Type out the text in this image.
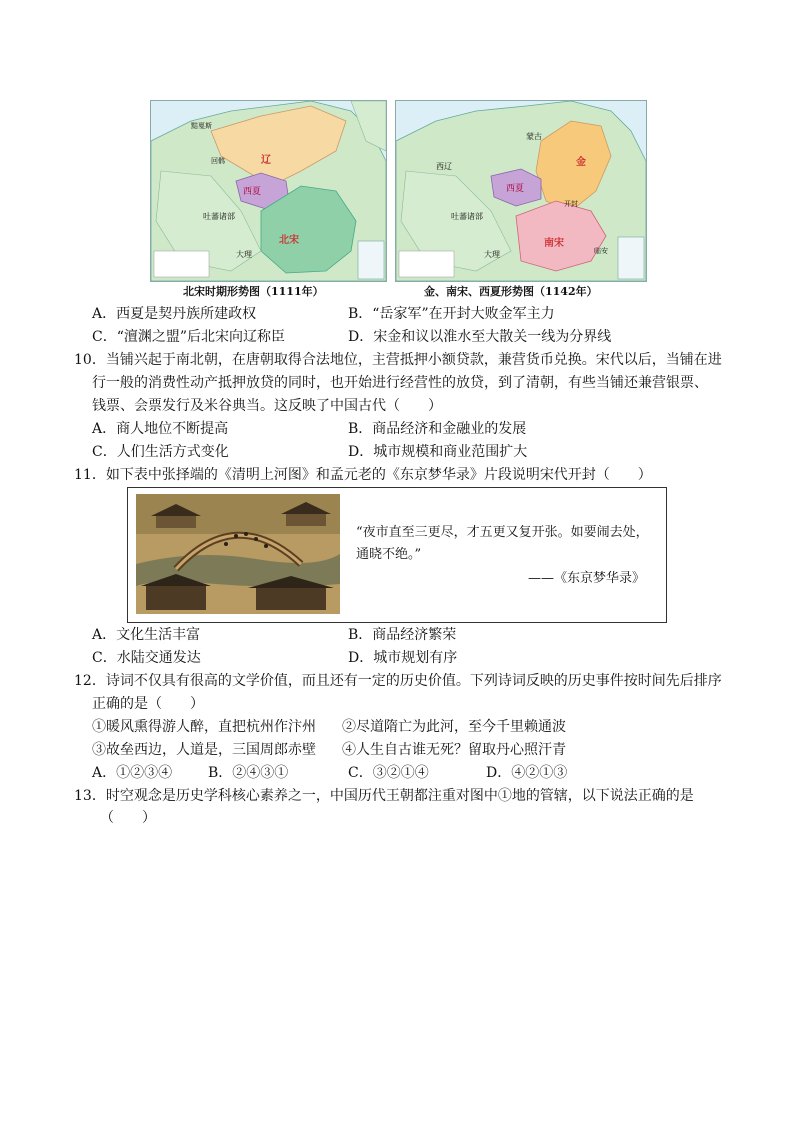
辽
西夏
北宋
吐蕃诸部
大理
黠戛斯
回鹘
北宋时期形势图（1111年）
金
西夏
南宋
西辽
吐蕃诸部
大理	临安
开封
蒙古
金、南宋、西夏形势图（1142年）
A．西夏是契丹族所建政权	B．“岳家军”在开封大败金军主力
C．“澶渊之盟”后北宋向辽称臣	D．宋金和议以淮水至大散关一线为分界线
10．当铺兴起于南北朝，在唐朝取得合法地位，主营抵押小额贷款，兼营货币兑换。宋代以后，当铺在进
行一般的消费性动产抵押放贷的同时，也开始进行经营性的放贷，到了清朝，有些当铺还兼营银票、
钱票、会票发行及米谷典当。这反映了中国古代（　　）
A．商人地位不断提高	B．商品经济和金融业的发展
C．人们生活方式变化	D．城市规模和商业范围扩大
11．如下表中张择端的《清明上河图》和孟元老的《东京梦华录》片段说明宋代开封（　　）
“夜市直至三更尽，才五更又复开张。如要闹去处，
通晓不绝。”
——《东京梦华录》
A．文化生活丰富	B．商品经济繁荣
C．水陆交通发达	D．城市规划有序
12．诗词不仅具有很高的文学价值，而且还有一定的历史价值。下列诗词反映的历史事件按时间先后排序
正确的是（　　）
①暖风熏得游人醉，直把杭州作汴州 ②尽道隋亡为此河，至今千里赖通波
③故垒西边，人道是，三国周郎赤壁 ④人生自古谁无死？留取丹心照汗青
A．①②③④	B．②④③①	C．③②①④	D．④②①③
13．时空观念是历史学科核心素养之一，中国历代王朝都注重对图中①地的管辖，以下说法正确的是
（　　）
